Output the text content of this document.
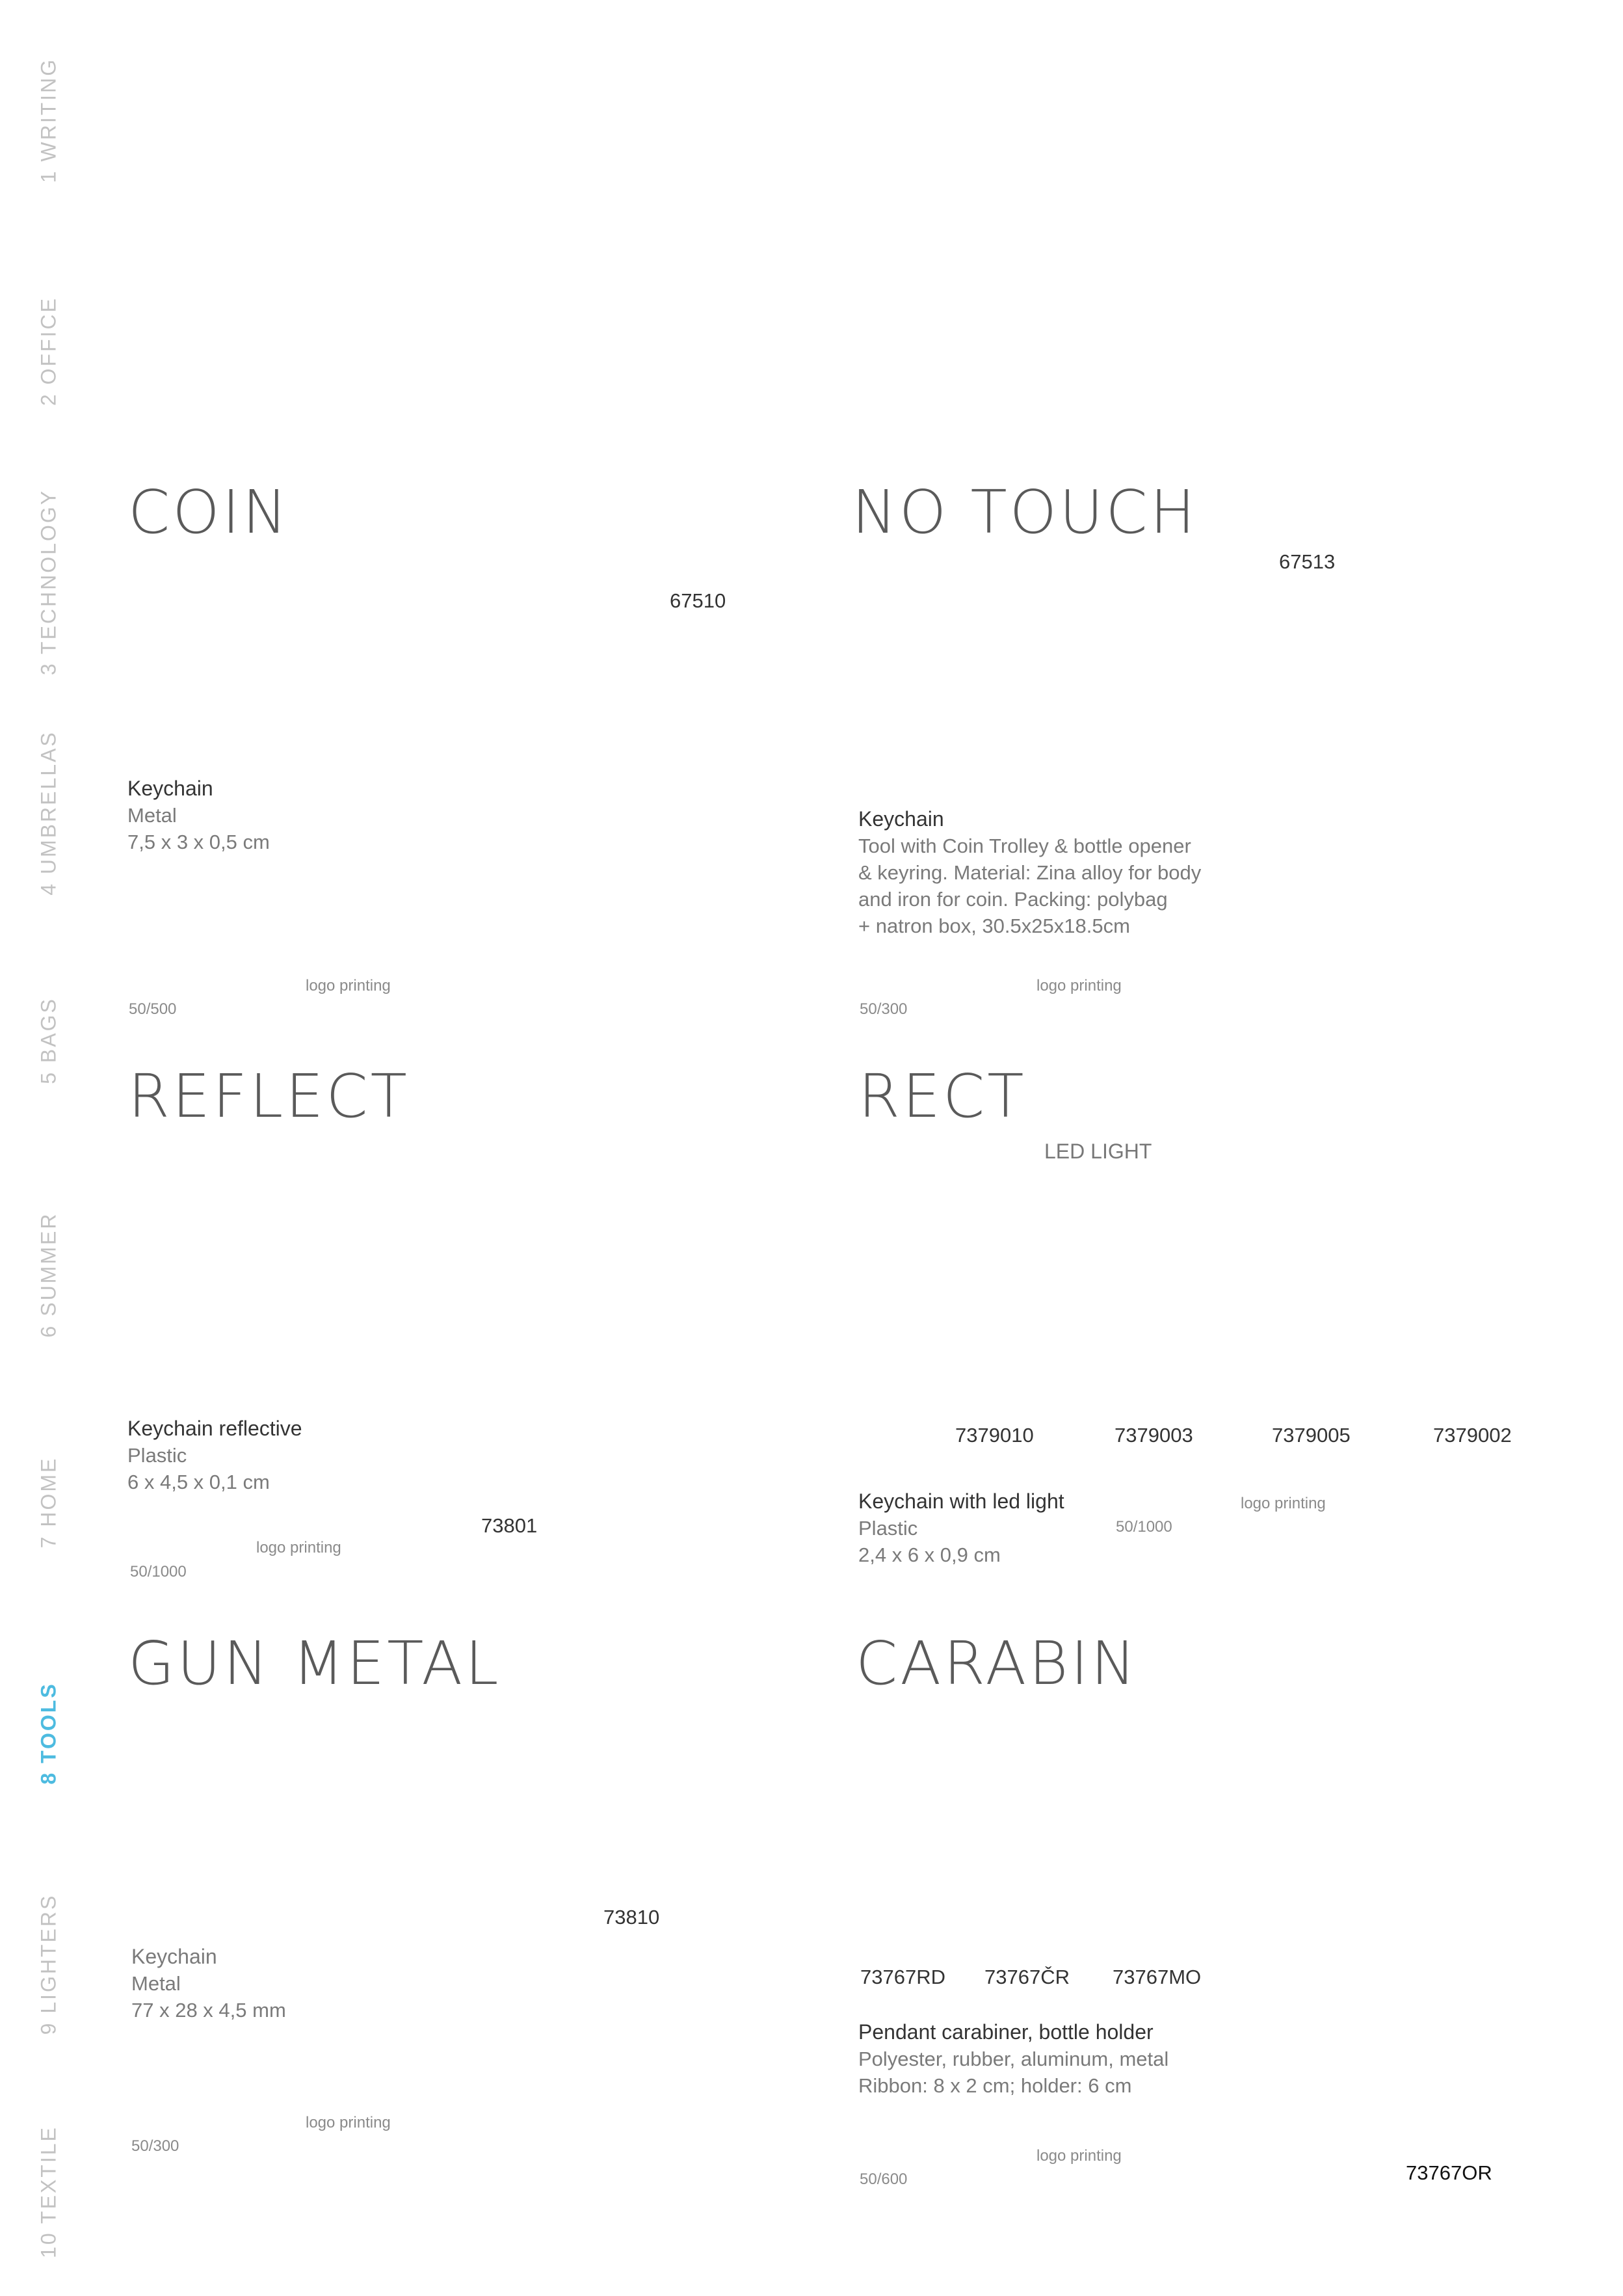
1 WRITING
2 OFFICE
3 TECHNOLOGY
4 UMBRELLAS
5 BAGS
6 SUMMER
7 HOME
8 TOOLS
9 LIGHTERS
10 TEXTILE
COIN
67510
Keychain
Metal
7,5 x 3 x 0,5 cm
logo printing
50/500
NO TOUCH
67513
Keychain
Tool with Coin Trolley & bottle opener
& keyring. Material: Zina alloy for body
and iron for coin. Packing: polybag
+ natron box, 30.5x25x18.5cm
logo printing
50/300
REFLECT
Keychain reflective
Plastic
6 x 4,5 x 0,1 cm
73801
logo printing
50/1000
RECT
LED LIGHT
7379010	7379003	7379005	7379002
Keychain with led light
Plastic
2,4 x 6 x 0,9 cm
logo printing
50/1000
GUN METAL
73810
Keychain
Metal
77 x 28 x 4,5 mm
logo printing
50/300
CARABIN
73767RD 73767ČR 73767MO
Pendant carabiner, bottle holder
Polyester, rubber, aluminum, metal
Ribbon: 8 x 2 cm; holder: 6 cm
logo printing
50/600	73767OR
